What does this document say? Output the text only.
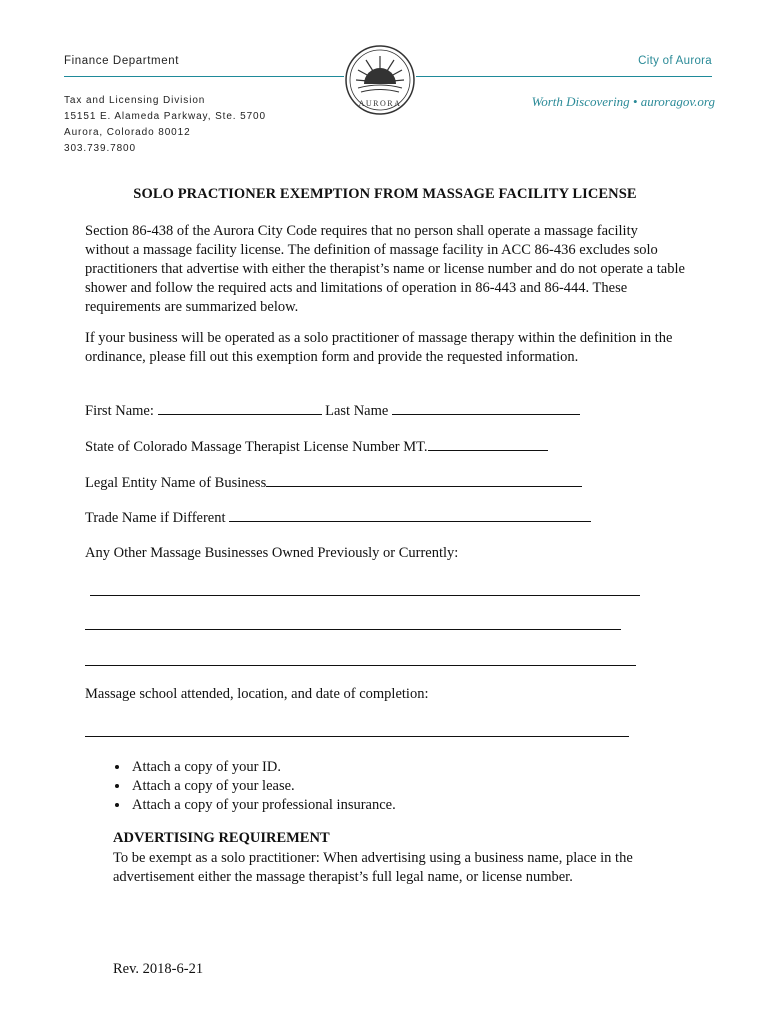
Finance Department
Tax and Licensing Division
15151 E. Alameda Parkway, Ste. 5700
Aurora, Colorado 80012
303.739.7800
City of Aurora
Worth Discovering • auroragov.org
AURORA
SOLO PRACTIONER EXEMPTION FROM MASSAGE FACILITY LICENSE
Section 86-438 of the Aurora City Code requires that no person shall operate a massage facility without a massage facility license. The definition of massage facility in ACC 86-436 excludes solo practitioners that advertise with either the therapist’s name or license number and do not operate a table shower and follow the required acts and limitations of operation in 86-443 and 86-444. These requirements are summarized below.
If your business will be operated as a solo practitioner of massage therapy within the definition in the ordinance, please fill out this exemption form and provide the requested information.
First Name:	Last Name
State of Colorado Massage Therapist License Number MT.
Legal Entity Name of Business
Trade Name if Different
Any Other Massage Businesses Owned Previously or Currently:
Massage school attended, location, and date of completion:
• Attach a copy of your ID.
• Attach a copy of your lease.
• Attach a copy of your professional insurance.
ADVERTISING REQUIREMENT
To be exempt as a solo practitioner: When advertising using a business name, place in the advertisement either the massage therapist’s full legal name, or license number.
Rev. 2018-6-21
